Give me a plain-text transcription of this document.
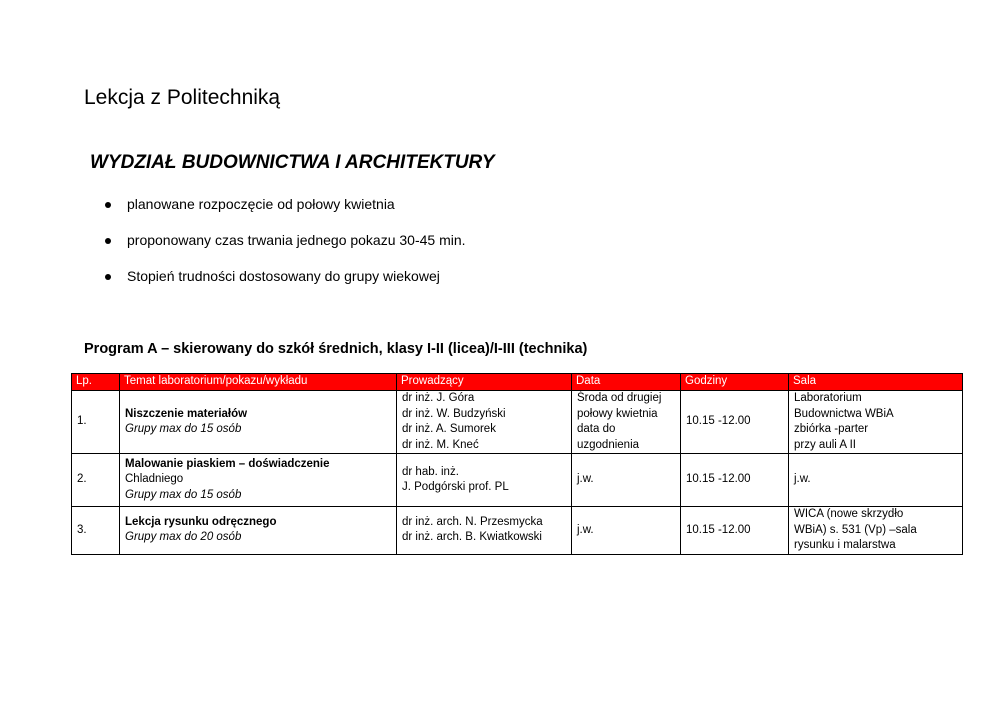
Lekcja z Politechniką
WYDZIAŁ BUDOWNICTWA I ARCHITEKTURY
planowane rozpoczęcie od połowy kwietnia
proponowany czas trwania jednego pokazu 30-45 min.
Stopień trudności dostosowany do grupy wiekowej
Program A – skierowany do szkół średnich, klasy I-II (licea)/I-III (technika)
Lp.	Temat laboratorium/pokazu/wykładu	Prowadzący	Data	Godziny	Sala
1.	Niszczenie materiałów
Grupy max do 15 osób	dr inż. J. Góra
dr inż. W. Budzyński
dr inż. A. Sumorek
dr inż. M. Kneć	Środa od drugiej
połowy kwietnia
data do
uzgodnienia	10.15 -12.00	Laboratorium
Budownictwa WBiA
zbiórka -parter
przy auli A II

2.	Malowanie piaskiem – doświadczenie
Chladniego
Grupy max do 15 osób	dr hab. inż.
J. Podgórski prof. PL	j.w.	10.15 -12.00	j.w.
3.	Lekcja rysunku odręcznego
Grupy max do 20 osób	dr inż. arch. N. Przesmycka
dr inż. arch. B. Kwiatkowski	j.w.	10.15 -12.00	WICA (nowe skrzydło
WBiA) s. 531 (Vp) –sala
rysunku i malarstwa
